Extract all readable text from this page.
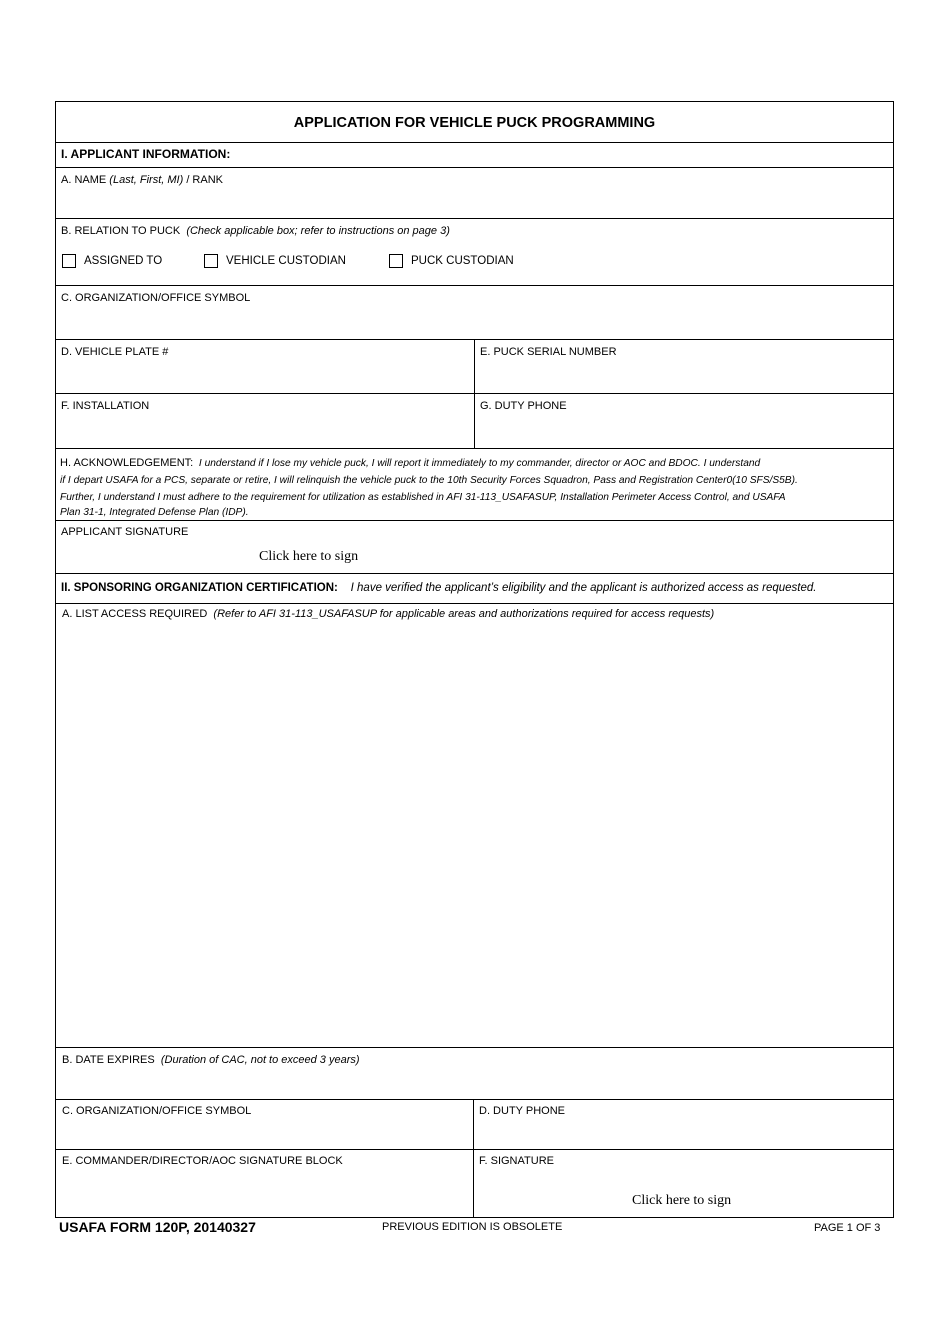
APPLICATION FOR VEHICLE PUCK PROGRAMMING
I. APPLICANT INFORMATION:
A. NAME (Last, First, MI) / RANK
B. RELATION TO PUCK (Check applicable box; refer to instructions on page 3)
ASSIGNED TO	VEHICLE CUSTODIAN	PUCK CUSTODIAN
C. ORGANIZATION/OFFICE SYMBOL
D. VEHICLE PLATE #	E. PUCK SERIAL NUMBER
F. INSTALLATION	G. DUTY PHONE
H. ACKNOWLEDGEMENT: I understand if I lose my vehicle puck, I will report it immediately to my commander, director or AOC and BDOC. I understand
if I depart USAFA for a PCS, separate or retire, I will relinquish the vehicle puck to the 10th Security Forces Squadron, Pass and Registration Center0(10 SFS/S5B).
Further, I understand I must adhere to the requirement for utilization as established in AFI 31-113_USAFASUP, Installation Perimeter Access Control, and USAFA
Plan 31-1, Integrated Defense Plan (IDP).
APPLICANT SIGNATURE
Click here to sign
II. SPONSORING ORGANIZATION CERTIFICATION: I have verified the applicant’s eligibility and the applicant is authorized access as requested.
A. LIST ACCESS REQUIRED (Refer to AFI 31-113_USAFASUP for applicable areas and authorizations required for access requests)
B. DATE EXPIRES (Duration of CAC, not to exceed 3 years)
C. ORGANIZATION/OFFICE SYMBOL	D. DUTY PHONE
E. COMMANDER/DIRECTOR/AOC SIGNATURE BLOCK	F. SIGNATURE
Click here to sign
USAFA FORM 120P, 20140327	PREVIOUS EDITION IS OBSOLETE	PAGE 1 OF 3
